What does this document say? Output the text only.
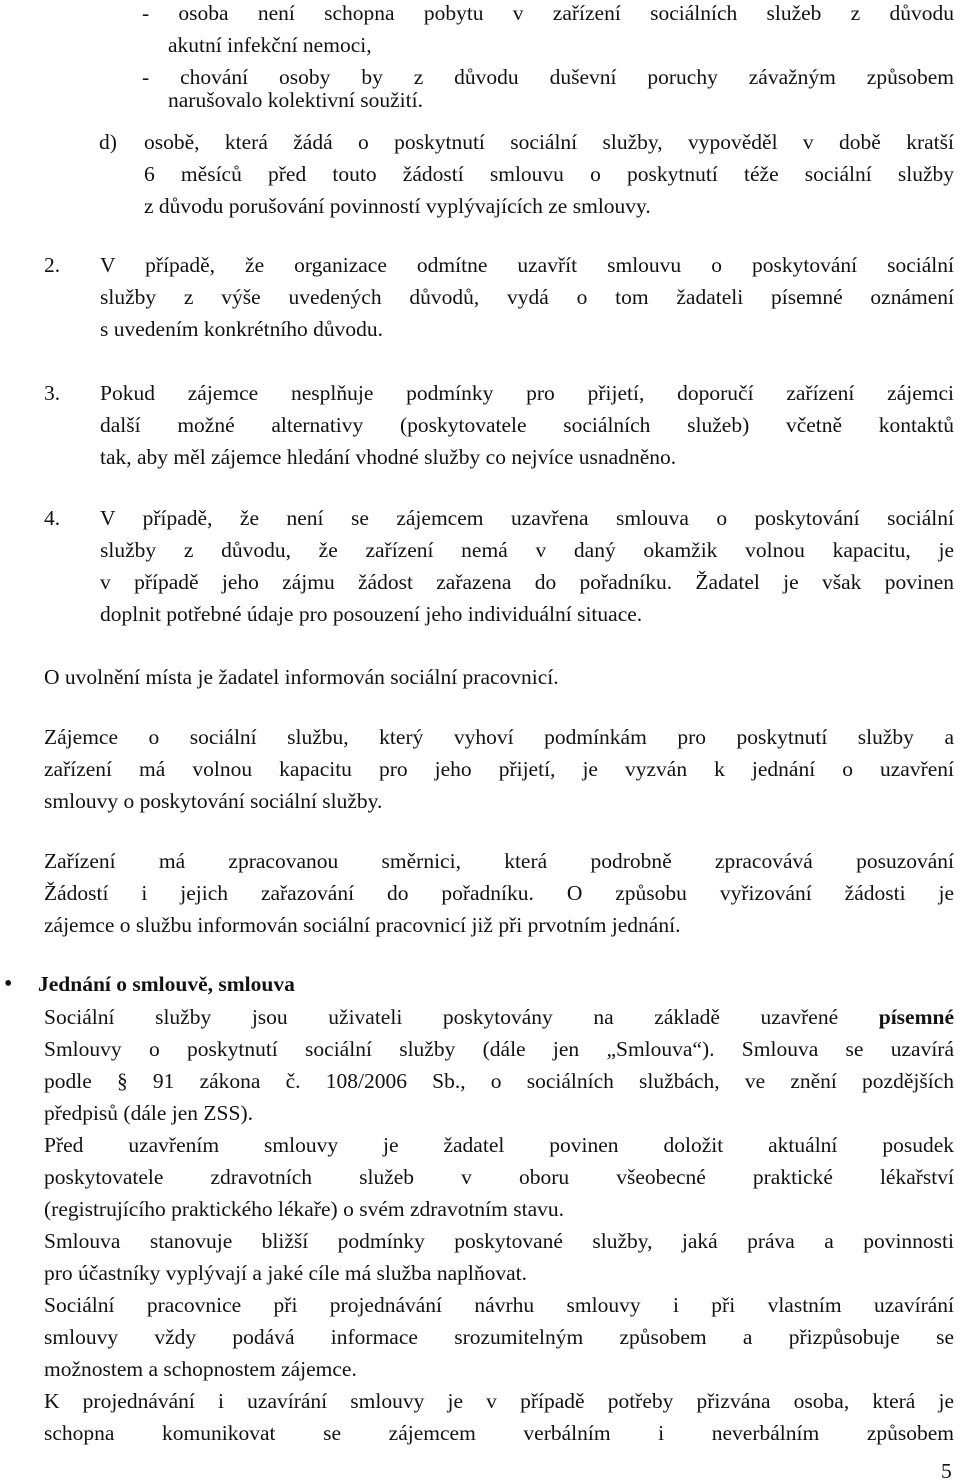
- osoba není schopna pobytu v zařízení sociálních služeb z důvodu
akutní infekční nemoci,
- chování osoby by z důvodu duševní poruchy závažným způsobem
narušovalo kolektivní soužití.
d) osobě, která žádá o poskytnutí sociální služby, vypověděl v době kratší
6 měsíců před touto žádostí smlouvu o poskytnutí téže sociální služby
z důvodu porušování povinností vyplývajících ze smlouvy.
2. V případě, že organizace odmítne uzavřít smlouvu o poskytování sociální
služby z výše uvedených důvodů, vydá o tom žadateli písemné oznámení
s uvedením konkrétního důvodu.
3. Pokud zájemce nesplňuje podmínky pro přijetí, doporučí zařízení zájemci
další možné alternativy (poskytovatele sociálních služeb) včetně kontaktů
tak, aby měl zájemce hledání vhodné služby co nejvíce usnadněno.
4. V případě, že není se zájemcem uzavřena smlouva o poskytování sociální
služby z důvodu, že zařízení nemá v daný okamžik volnou kapacitu, je
v případě jeho zájmu žádost zařazena do pořadníku. Žadatel je však povinen
doplnit potřebné údaje pro posouzení jeho individuální situace.
O uvolnění místa je žadatel informován sociální pracovnicí.
Zájemce o sociální službu, který vyhoví podmínkám pro poskytnutí služby a
zařízení má volnou kapacitu pro jeho přijetí, je vyzván k jednání o uzavření
smlouvy o poskytování sociální služby.
Zařízení má zpracovanou směrnici, která podrobně zpracovává posuzování
Žádostí i jejich zařazování do pořadníku. O způsobu vyřizování žádosti je
zájemce o službu informován sociální pracovnicí již při prvotním jednání.
• Jednání o smlouvě, smlouva
Sociální služby jsou uživateli poskytovány na základě uzavřené písemné
Smlouvy o poskytnutí sociální služby (dále jen „Smlouva“). Smlouva se uzavírá
podle § 91 zákona č. 108/2006 Sb., o sociálních službách, ve znění pozdějších
předpisů (dále jen ZSS).
Před uzavřením smlouvy je žadatel povinen doložit aktuální posudek
poskytovatele zdravotních služeb v oboru všeobecné praktické lékařství
(registrujícího praktického lékaře) o svém zdravotním stavu.
Smlouva stanovuje bližší podmínky poskytované služby, jaká práva a povinnosti
pro účastníky vyplývají a jaké cíle má služba naplňovat.
Sociální pracovnice při projednávání návrhu smlouvy i při vlastním uzavírání
smlouvy vždy podává informace srozumitelným způsobem a přizpůsobuje se
možnostem a schopnostem zájemce.
K projednávání i uzavírání smlouvy je v případě potřeby přizvána osoba, která je
schopna komunikovat se zájemcem verbálním i neverbálním způsobem
5
